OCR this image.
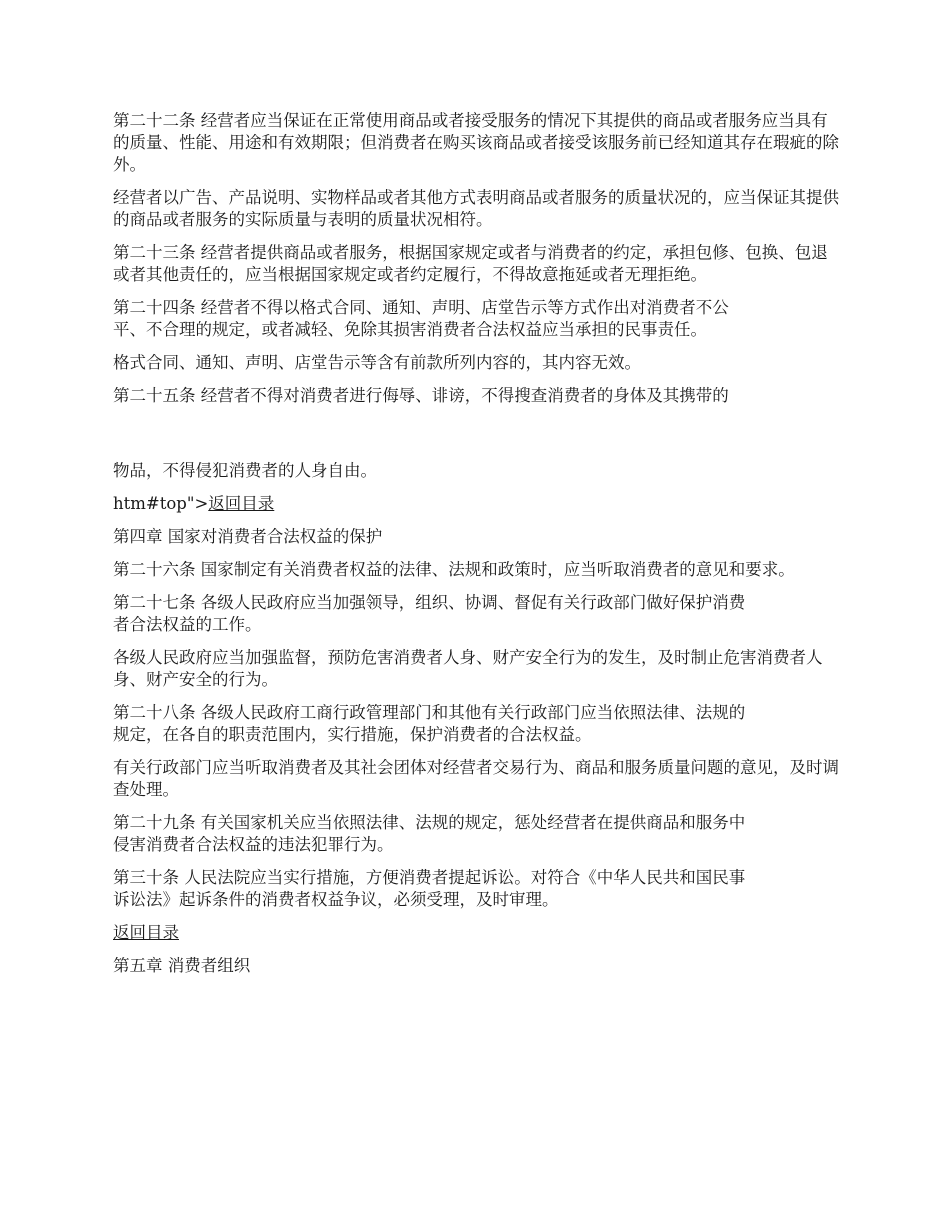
第二十二条 经营者应当保证在正常使用商品或者接受服务的情况下其提供的商品或者服务应当具有的质量、性能、用途和有效期限；但消费者在购买该商品或者接受该服务前已经知道其存在瑕疵的除外。

经营者以广告、产品说明、实物样品或者其他方式表明商品或者服务的质量状况的，应当保证其提供的商品或者服务的实际质量与表明的质量状况相符。

第二十三条 经营者提供商品或者服务，根据国家规定或者与消费者的约定，承担包修、包换、包退或者其他责任的，应当根据国家规定或者约定履行，不得故意拖延或者无理拒绝。

第二十四条 经营者不得以格式合同、通知、声明、店堂告示等方式作出对消费者不公
平、不合理的规定，或者减轻、免除其损害消费者合法权益应当承担的民事责任。

格式合同、通知、声明、店堂告示等含有前款所列内容的，其内容无效。

第二十五条 经营者不得对消费者进行侮辱、诽谤，不得搜查消费者的身体及其携带的

物品，不得侵犯消费者的人身自由。

htm#top">返回目录

第四章 国家对消费者合法权益的保护

第二十六条 国家制定有关消费者权益的法律、法规和政策时，应当听取消费者的意见和要求。

第二十七条 各级人民政府应当加强领导，组织、协调、督促有关行政部门做好保护消费
者合法权益的工作。

各级人民政府应当加强监督，预防危害消费者人身、财产安全行为的发生，及时制止危害消费者人身、财产安全的行为。

第二十八条 各级人民政府工商行政管理部门和其他有关行政部门应当依照法律、法规的
规定，在各自的职责范围内，实行措施，保护消费者的合法权益。

有关行政部门应当听取消费者及其社会团体对经营者交易行为、商品和服务质量问题的意见，及时调查处理。

第二十九条 有关国家机关应当依照法律、法规的规定，惩处经营者在提供商品和服务中
侵害消费者合法权益的违法犯罪行为。

第三十条 人民法院应当实行措施，方便消费者提起诉讼。对符合《中华人民共和国民事
诉讼法》起诉条件的消费者权益争议，必须受理，及时审理。

返回目录

第五章 消费者组织
